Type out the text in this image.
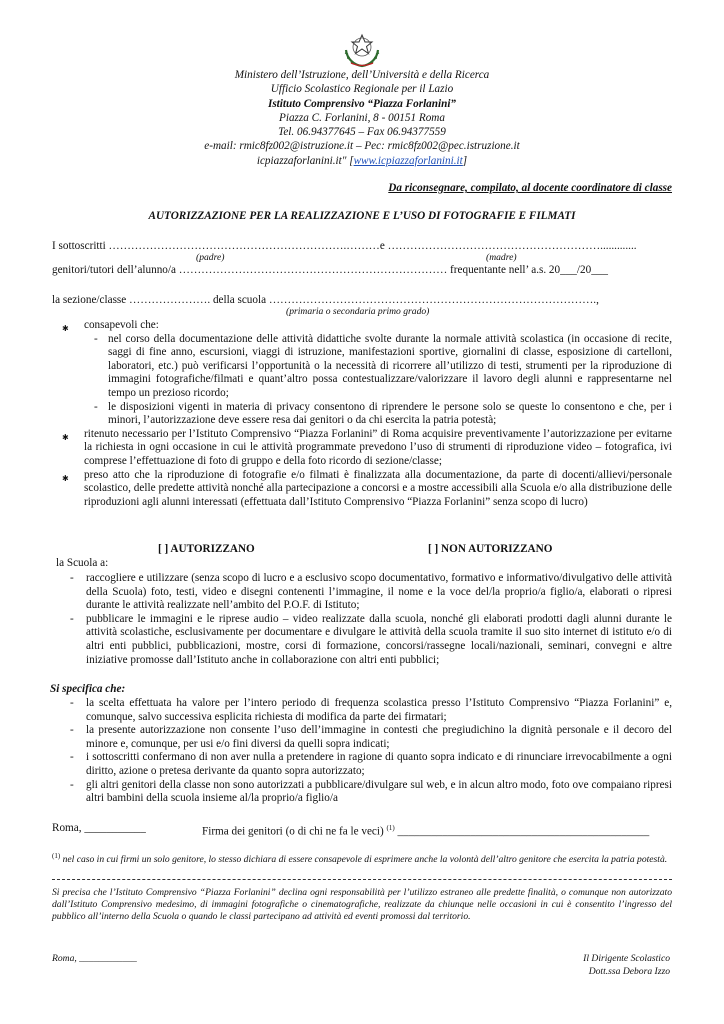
Ministero dell’Istruzione, dell’Università e della Ricerca
Ufficio Scolastico Regionale per il Lazio
Istituto Comprensivo “Piazza Forlanini”
Piazza C. Forlanini, 8 - 00151 Roma
Tel. 06.94377645 – Fax 06.94377559
e-mail: rmic8fz002@istruzione.it – Pec: rmic8fz002@pec.istruzione.it
icpiazzaforlanini.it" [www.icpiazzaforlanini.it]
Da riconsegnare, compilato, al docente coordinatore di classe
AUTORIZZAZIONE PER LA REALIZZAZIONE E L’USO DI FOTOGRAFIE E FILMATI
I sottoscritti ……………………………………………………….………e ………………………………………………….............
(padre)	(madre)
genitori/tutori dell’alunno/a ……………………………………………………………… frequentante nell’ a.s. 20___/20___
la sezione/classe …………………. della scuola …………………………………………………………………………….,
(primaria o secondaria primo grado)
✱ consapevoli che:
- nel corso della documentazione delle attività didattiche svolte durante la normale attività scolastica (in occasione di recite, saggi di fine anno, escursioni, viaggi di istruzione, manifestazioni sportive, giornalini di classe, esposizione di cartelloni, laboratori, etc.) può verificarsi l’opportunità o la necessità di ricorrere all’utilizzo di testi, strumenti per la riproduzione di immagini fotografiche/filmati e quant’altro possa contestualizzare/valorizzare il lavoro degli alunni e rappresentarne nel tempo un prezioso ricordo;
- le disposizioni vigenti in materia di privacy consentono di riprendere le persone solo se queste lo consentono e che, per i minori, l’autorizzazione deve essere resa dai genitori o da chi esercita la patria potestà;
✱ ritenuto necessario per l’Istituto Comprensivo “Piazza Forlanini” di Roma acquisire preventivamente l’autorizzazione per evitarne la richiesta in ogni occasione in cui le attività programmate prevedono l’uso di strumenti di riproduzione video – fotografica, ivi comprese l’effettuazione di foto di gruppo e della foto ricordo di sezione/classe;
✱ preso atto che la riproduzione di fotografie e/o filmati è finalizzata alla documentazione, da parte di docenti/allievi/personale scolastico, delle predette attività nonché alla partecipazione a concorsi e a mostre accessibili alla Scuola e/o alla distribuzione delle riproduzioni agli alunni interessati (effettuata dall’Istituto Comprensivo “Piazza Forlanini” senza scopo di lucro)
[ ] AUTORIZZANO	[ ] NON AUTORIZZANO
la Scuola a:
- raccogliere e utilizzare (senza scopo di lucro e a esclusivo scopo documentativo, formativo e informativo/divulgativo delle attività della Scuola) foto, testi, video e disegni contenenti l’immagine, il nome e la voce del/la proprio/a figlio/a, elaborati o ripresi durante le attività realizzate nell’ambito del P.O.F. di Istituto;
- pubblicare le immagini e le riprese audio – video realizzate dalla scuola, nonché gli elaborati prodotti dagli alunni durante le attività scolastiche, esclusivamente per documentare e divulgare le attività della scuola tramite il suo sito internet di istituto e/o di altri enti pubblici, pubblicazioni, mostre, corsi di formazione, concorsi/rassegne locali/nazionali, seminari, convegni e altre iniziative promosse dall’Istituto anche in collaborazione con altri enti pubblici;
Si specifica che:
- la scelta effettuata ha valore per l’intero periodo di frequenza scolastica presso l’Istituto Comprensivo “Piazza Forlanini” e, comunque, salvo successiva esplicita richiesta di modifica da parte dei firmatari;
- la presente autorizzazione non consente l’uso dell’immagine in contesti che pregiudichino la dignità personale e il decoro del minore e, comunque, per usi e/o fini diversi da quelli sopra indicati;
- i sottoscritti confermano di non aver nulla a pretendere in ragione di quanto sopra indicato e di rinunciare irrevocabilmente a ogni diritto, azione o pretesa derivante da quanto sopra autorizzato;
- gli altri genitori della classe non sono autorizzati a pubblicare/divulgare sul web, e in alcun altro modo, foto ove compaiano ripresi altri bambini della scuola insieme al/la proprio/a figlio/a
Roma, ___________	Firma dei genitori (o di chi ne fa le veci) $^{(1)}$ _____________________________________________
$^{(1)}$ nel caso in cui firmi un solo genitore, lo stesso dichiara di essere consapevole di esprimere anche la volontà dell’altro genitore che esercita la patria potestà.
Si precisa che l’Istituto Comprensivo “Piazza Forlanini” declina ogni responsabilità per l’utilizzo estraneo alle predette finalità, o comunque non autorizzato dall’Istituto Comprensivo medesimo, di immagini fotografiche o cinematografiche, realizzate da chiunque nelle occasioni in cui è consentito l’ingresso del pubblico all’interno della Scuola o quando le classi partecipano ad attività ed eventi promossi dal territorio.
Roma, ____________	Il Dirigente Scolastico
Dott.ssa Debora Izzo
